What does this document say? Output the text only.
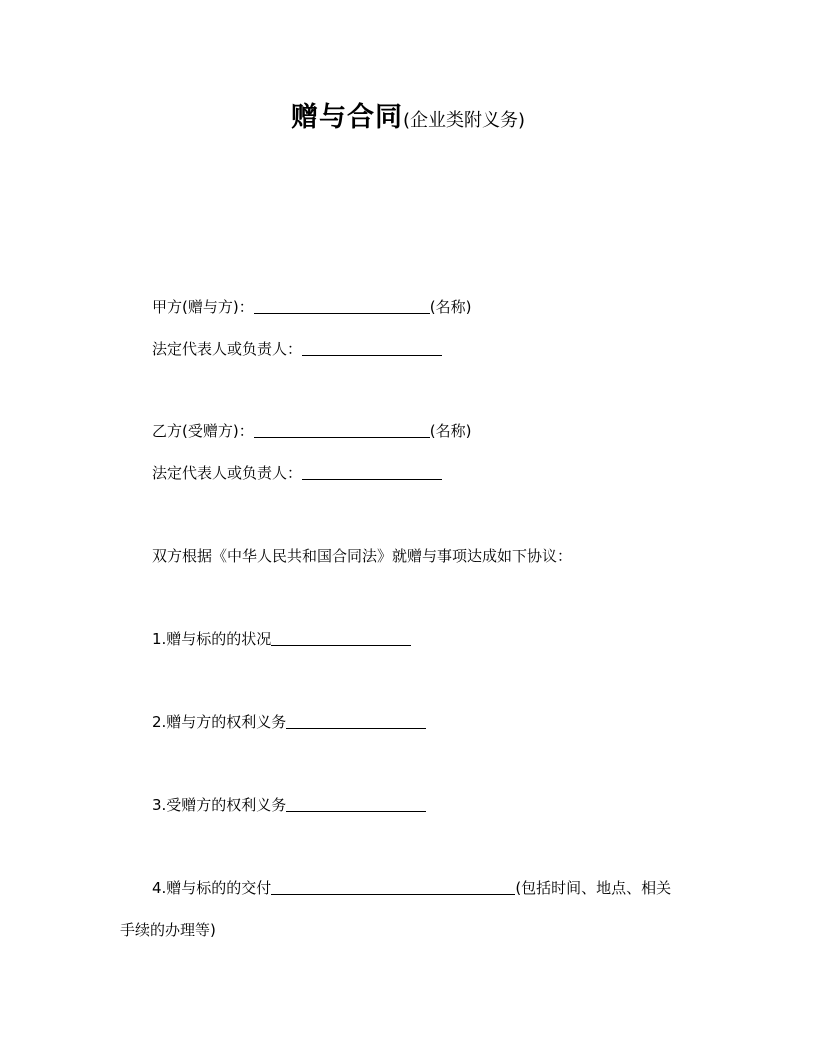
赠与合同(企业类附义务)
甲方(赠与方)：	(名称)
法定代表人或负责人：
乙方(受赠方)：	(名称)
法定代表人或负责人：
双方根据《中华人民共和国合同法》就赠与事项达成如下协议：
1.赠与标的的状况
2.赠与方的权利义务
3.受赠方的权利义务
4.赠与标的的交付	(包括时间、地点、相关
手续的办理等)
